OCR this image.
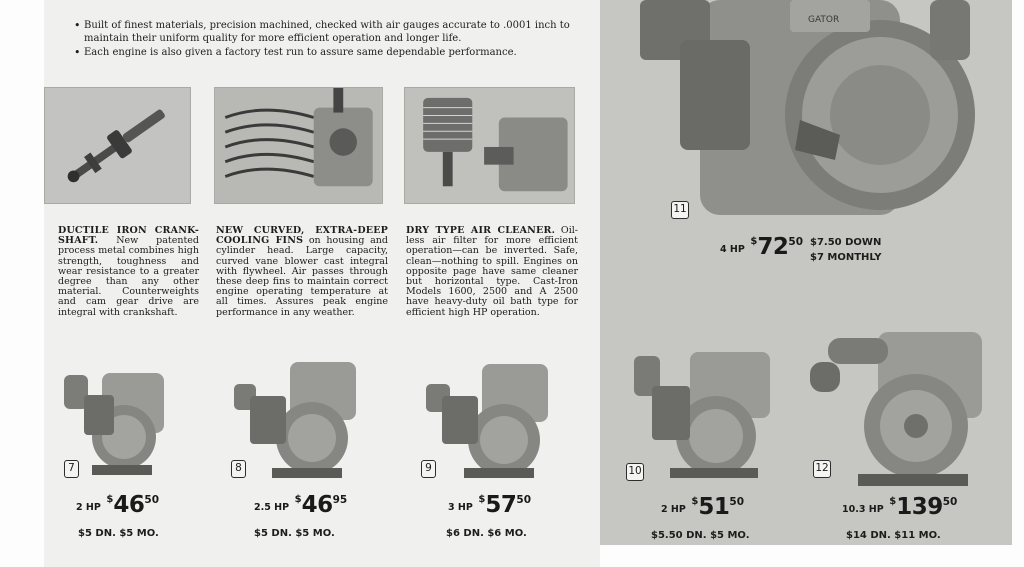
• Built of finest materials, precision machined, checked with air gauges accurate to .0001 inch to maintain their uniform quality for more efficient operation and longer life.
• Each engine is also given a factory test run to assure same dependable performance.
DUCTILE IRON CRANK-SHAFT. New patented process metal combines high strength, toughness and wear resistance to a greater degree than any other material. Counterweights and cam gear drive are integral with crankshaft.
NEW CURVED, EXTRA-DEEP COOLING FINS on housing and cylinder head. Large capacity, curved vane blower cast integral with flywheel. Air passes through these deep fins to maintain correct engine operating temperature at all times. Assures peak engine performance in any weather.
DRY TYPE AIR CLEANER. Oil-less air filter for more efficient operation—can be inverted. Safe, clean—nothing to spill. Engines on opposite page have same cleaner but horizontal type. Cast-Iron Models 1600, 2500 and A 2500 have heavy-duty oil bath type for efficient high HP operation.
GATOR
11
4 HP $^{\$}72^{50}$ $7.50 DOWN
$7 MONTHLY
7
2 HP $^{\$}46^{50}$
$5 DN. $5 MO.
8
2.5 HP $^{\$}46^{95}$
$5 DN. $5 MO.
9
3 HP $^{\$}57^{50}$
$6 DN. $6 MO.
10
2 HP $^{\$}51^{50}$
$5.50 DN. $5 MO.
12
10.3 HP $^{\$}139^{50}$
$14 DN. $11 MO.
